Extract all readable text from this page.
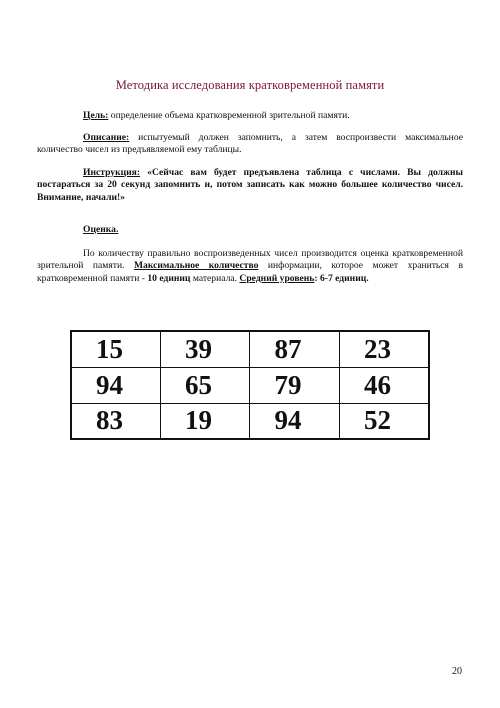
Методика исследования кратковременной памяти
Цель: определение объема кратковременной зрительной памяти.
Описание: испытуемый должен запомнить, а затем воспроизвести максимальное количество чисел из предъявляемой ему таблицы.
Инструкция: «Сейчас вам будет предъявлена таблица с числами. Вы должны постараться за 20 секунд запомнить и, потом записать как можно большее количество чисел. Внимание, начали!»
Оценка.
По количеству правильно воспроизведенных чисел производится оценка кратковременной зрительной памяти. Максимальное количество информации, которое может храниться в кратковременной памяти - 10 единиц материала. Средний уровень: 6-7 единиц.
15	39	87	23
94	65	79	46
83	19	94	52
20
